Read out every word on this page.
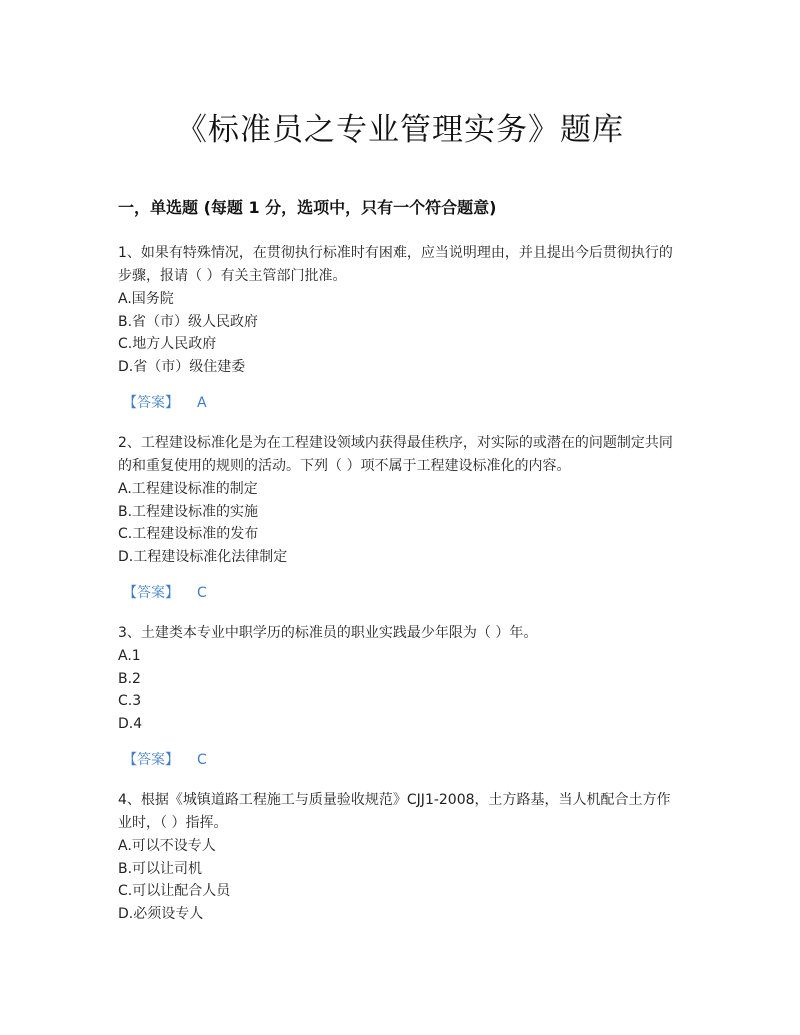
《标准员之专业管理实务》题库
一，单选题 (每题 1 分，选项中，只有一个符合题意)

1、如果有特殊情况，在贯彻执行标准时有困难，应当说明理由，并且提出今后贯彻执行的步骤，报请（ ）有关主管部门批准。

A.国务院
B.省（市）级人民政府
C.地方人民政府
D.省（市）级住建委
【答案】 A

2、工程建设标准化是为在工程建设领域内获得最佳秩序，对实际的或潜在的问题制定共同的和重复使用的规则的活动。下列（ ）项不属于工程建设标准化的内容。

A.工程建设标准的制定
B.工程建设标准的实施
C.工程建设标准的发布
D.工程建设标准化法律制定
【答案】 C

3、土建类本专业中职学历的标准员的职业实践最少年限为（ ）年。

A.1
B.2
C.3
D.4
【答案】 C

4、根据《城镇道路工程施工与质量验收规范》CJJ1-2008，土方路基，当人机配合土方作业时，（ ）指挥。

A.可以不设专人
B.可以让司机
C.可以让配合人员
D.必须设专人
